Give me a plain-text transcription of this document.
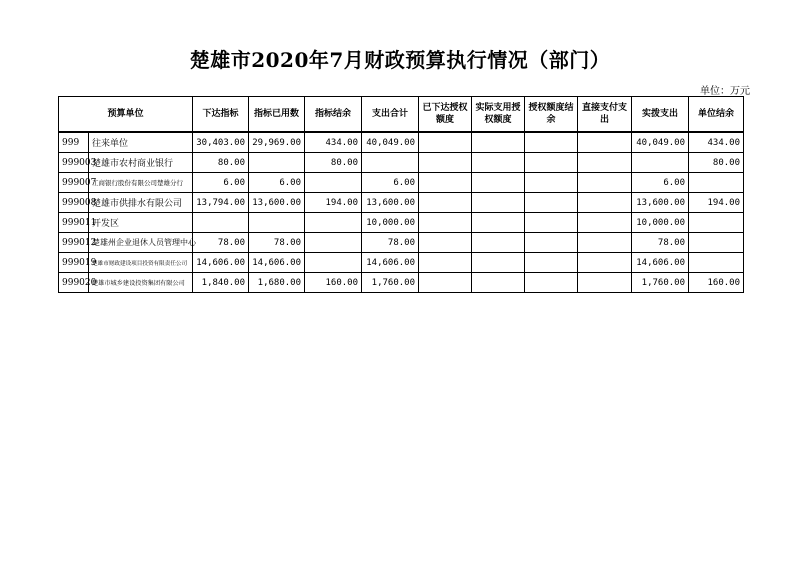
楚雄市2020年7月财政预算执行情况（部门）
单位：万元
预算单位		下达指标	指标已用数	指标结余	支出合计	已下达授权额度	实际支用授权额度	授权额度结余	直接支付支出	实拨支出	单位结余
999	往来单位	30,403.00	29,969.00	434.00	40,049.00					40,049.00	434.00
999003	楚雄市农村商业银行	80.00		80.00							80.00
999007	工商银行股份有限公司楚雄分行	6.00	6.00		6.00					6.00	
999008	楚雄市供排水有限公司	13,794.00	13,600.00	194.00	13,600.00					13,600.00	194.00
999011	开发区				10,000.00					10,000.00	
999012	楚雄州企业退休人员管理中心	78.00	78.00		78.00					78.00	
999019	楚雄市财政建设项目投资有限责任公司	14,606.00	14,606.00		14,606.00					14,606.00	
999020	楚雄市城乡建设投资集团有限公司	1,840.00	1,680.00	160.00	1,760.00					1,760.00	160.00
